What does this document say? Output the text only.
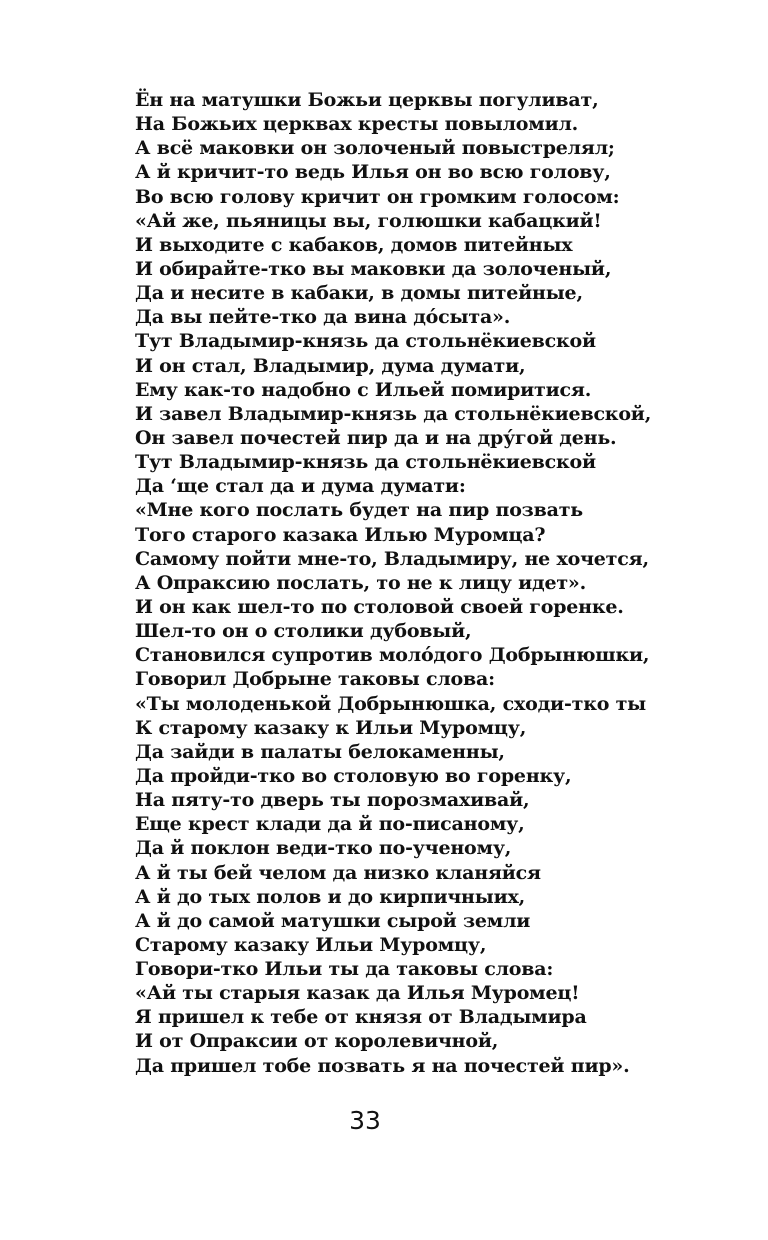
Ён на матушки Божьи церквы погуливат,
На Божьих церквах кресты повыломил.
А всё маковки он золоченый повыстрелял;
А й кричит-то ведь Илья он во всю голову,
Во всю голову кричит он громким голосом:
«Ай же, пьяницы вы, голюшки кабацкий!
И выходите с кабаков, домов питейных
И обирайте-тко вы маковки да золоченый,
Да и несите в кабаки, в домы питейные,
Да вы пейте-тко да вина до́сыта».
Тут Владымир-князь да стольнёкиевской
И он стал, Владымир, дума думати,
Ему как-то надобно с Ильей помиритися.
И завел Владымир-князь да стольнёкиевской,
Он завел почестей пир да и на дру́гой день.
Тут Владымир-князь да стольнёкиевской
Да ‘ще стал да и дума думати:
«Мне кого послать будет на пир позвать
Того старого казака Илью Муромца?
Самому пойти мне-то, Владымиру, не хочется,
А Опраксию послать, то не к лицу идет».
И он как шел-то по столовой своей горенке.
Шел-то он о столики дубовый,
Становился супротив моло́дого Добрынюшки,
Говорил Добрыне таковы слова:
«Ты молоденькой Добрынюшка, сходи-тко ты
К старому казаку к Ильи Муромцу,
Да зайди в палаты белокаменны,
Да пройди-тко во столовую во горенку,
На пяту-то дверь ты порозмахивай,
Еще крест клади да й по-писаному,
Да й поклон веди-тко по-ученому,
А й ты бей челом да низко кланяйся
А й до тых полов и до кирпичныих,
А й до самой матушки сырой земли
Старому казаку Ильи Муромцу,
Говори-тко Ильи ты да таковы слова:
«Ай ты старыя казак да Илья Муромец!
Я пришел к тебе от князя от Владымира
И от Опраксии от королевичной,
Да пришел тобе позвать я на почестей пир».
33
